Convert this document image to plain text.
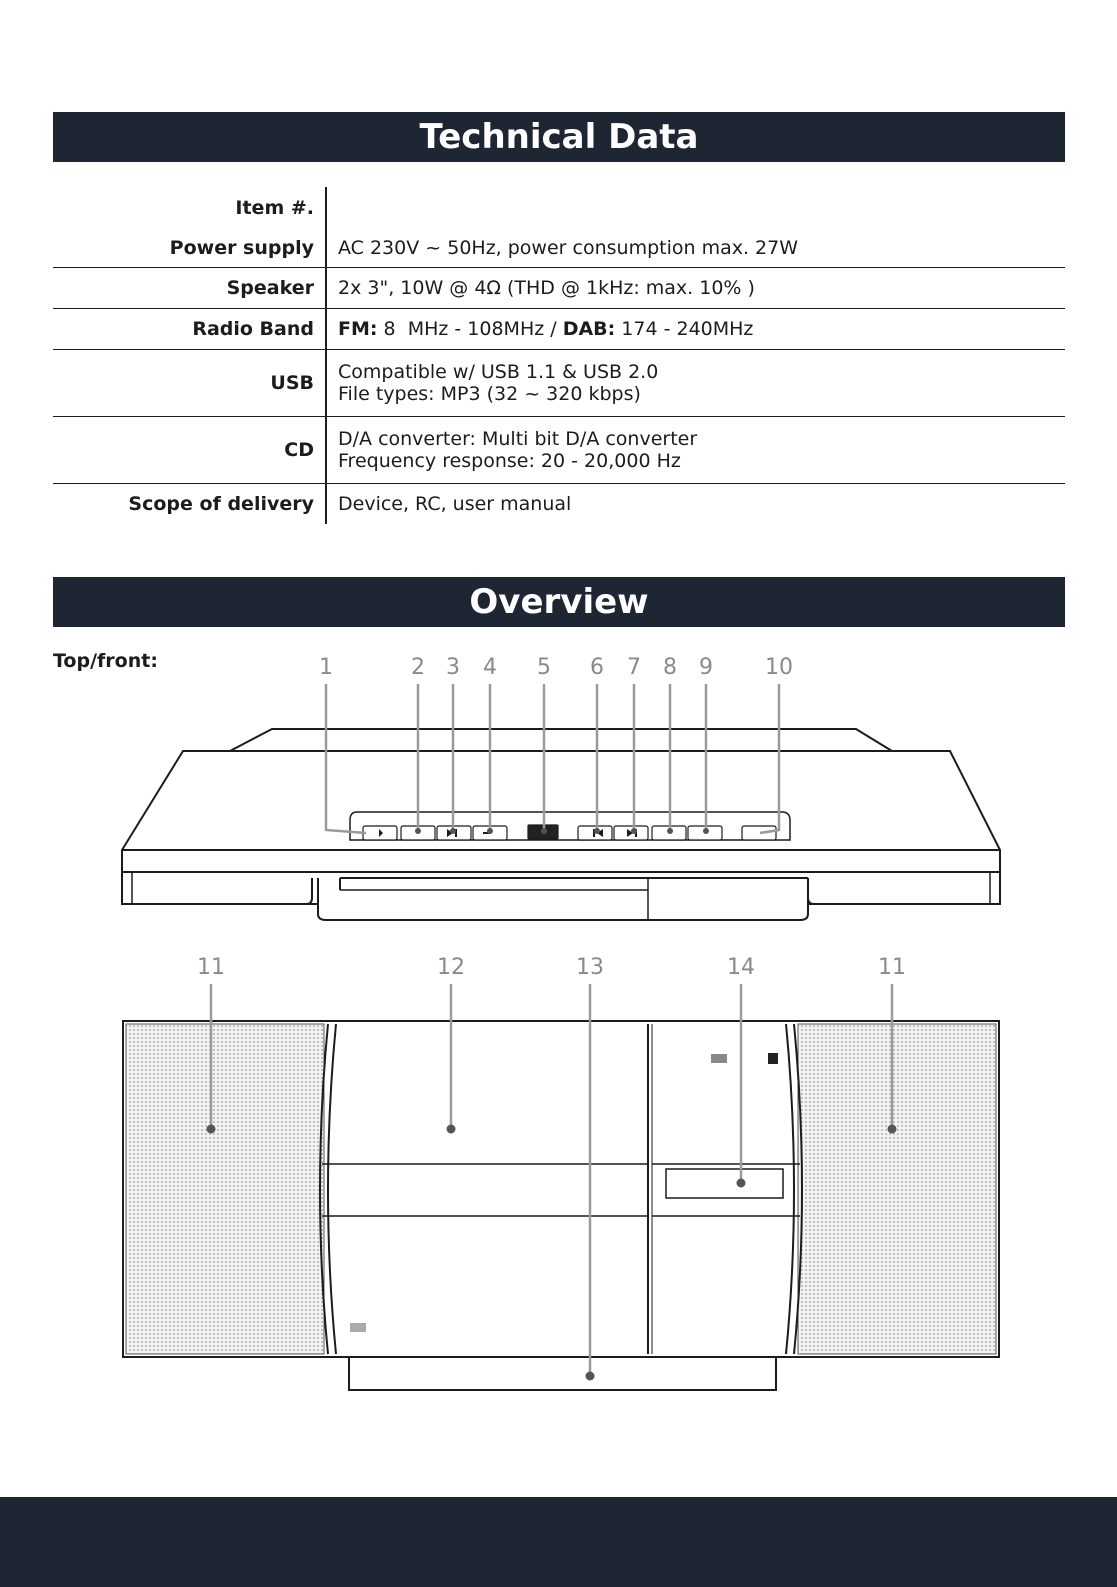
Technical Data
Item #.	
Power supply	AC 230V ~ 50Hz, power consumption max. 27W
Speaker	2x 3", 10W @ 4Ω (THD @ 1kHz: max. 10% )
Radio Band	FM: 8  MHz - 108MHz / DAB: 174 - 240MHz
USB	Compatible w/ USB 1.1 & USB 2.0
File types: MP3 (32 ~ 320 kbps)

CD	D/A converter: Multi bit D/A converter
Frequency response: 20 - 20,000 Hz

Scope of delivery	Device, RC, user manual
Overview
Top/front:	1	2 3 4 5 6 7 8 9 10
11	12	13	14	11
